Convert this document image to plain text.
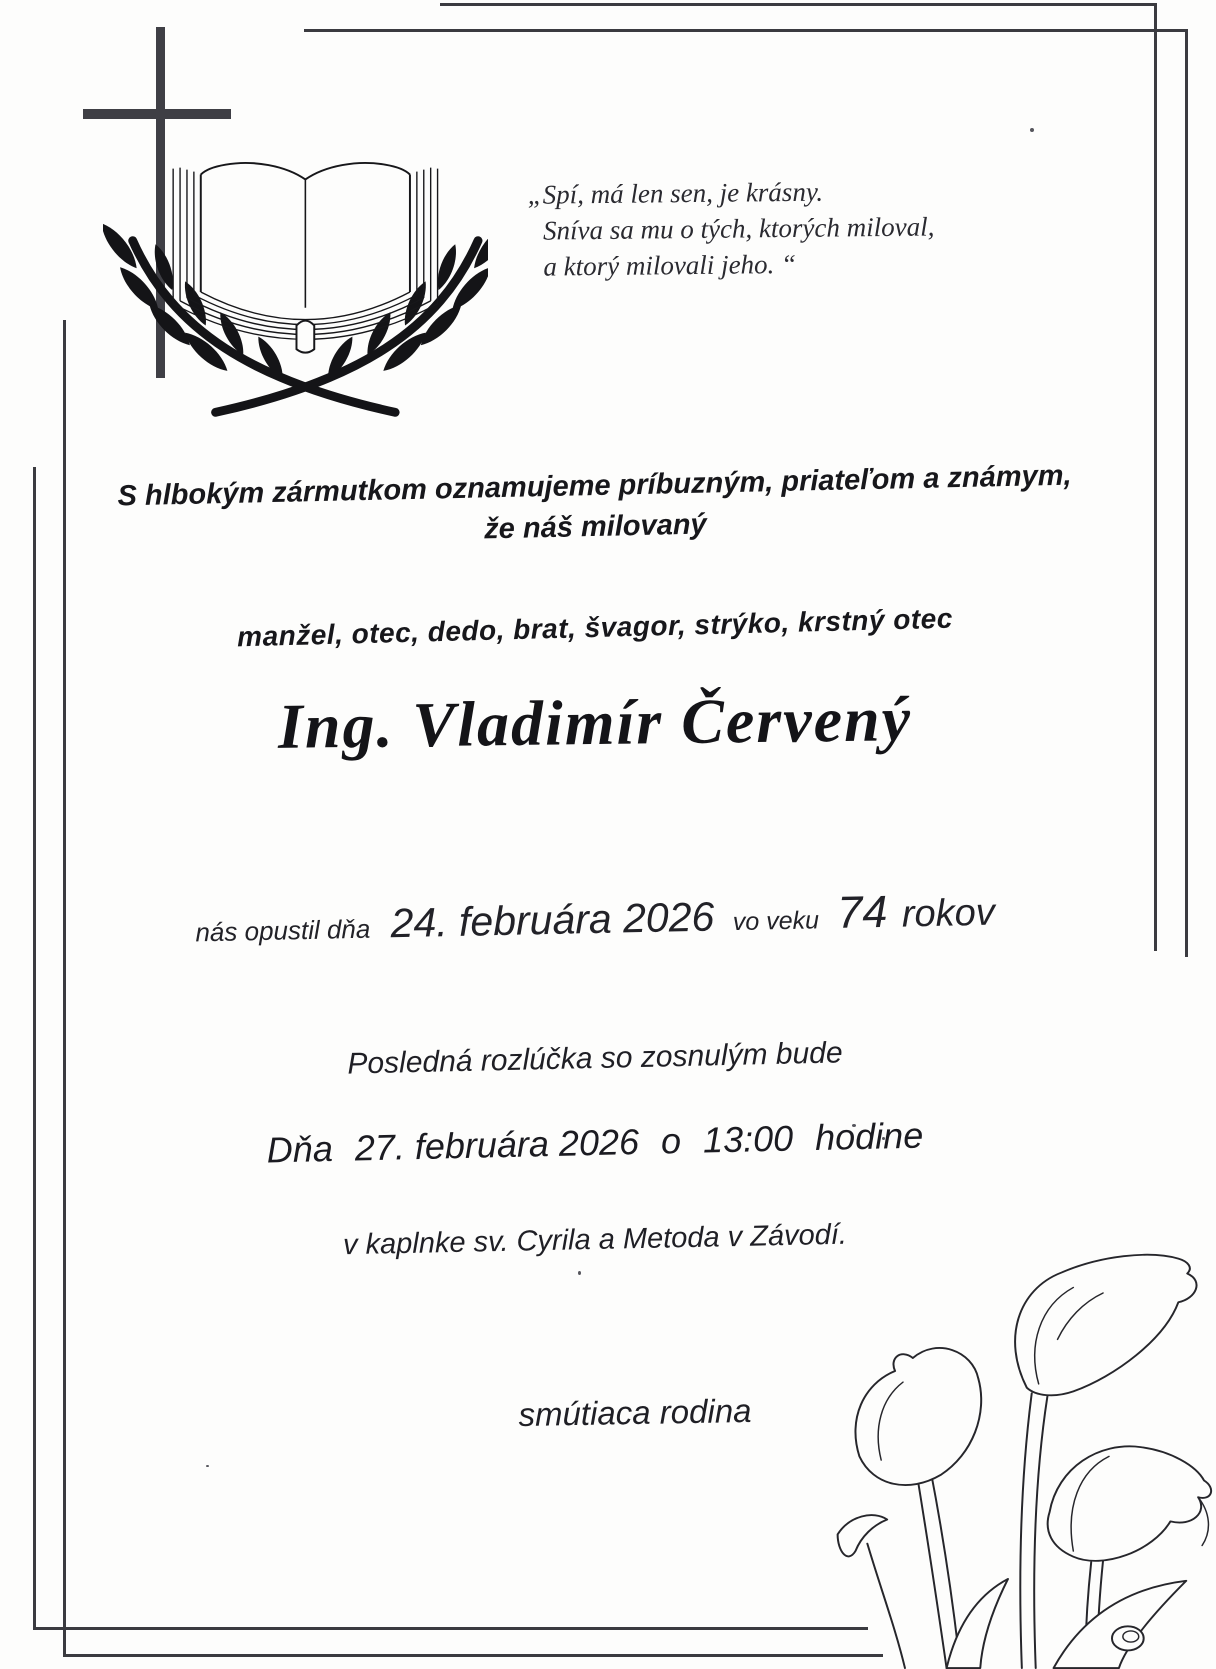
„Spí, má len sen, je krásny.
Sníva sa mu o tých, ktorých miloval,
a ktorý milovali jeho. “
S hlbokým zármutkom oznamujeme príbuzným, priateľom a známym,
že náš milovaný
manžel, otec, dedo, brat, švagor, strýko, krstný otec
Ing. Vladimír Červený
nás opustil dňa 24. februára 2026 vo veku 74 rokov
Posledná rozlúčka so zosnulým bude
Dňa 27. februára 2026 o 13:00 hodine
v kaplnke sv. Cyrila a Metoda v Závodí.
smútiaca rodina
